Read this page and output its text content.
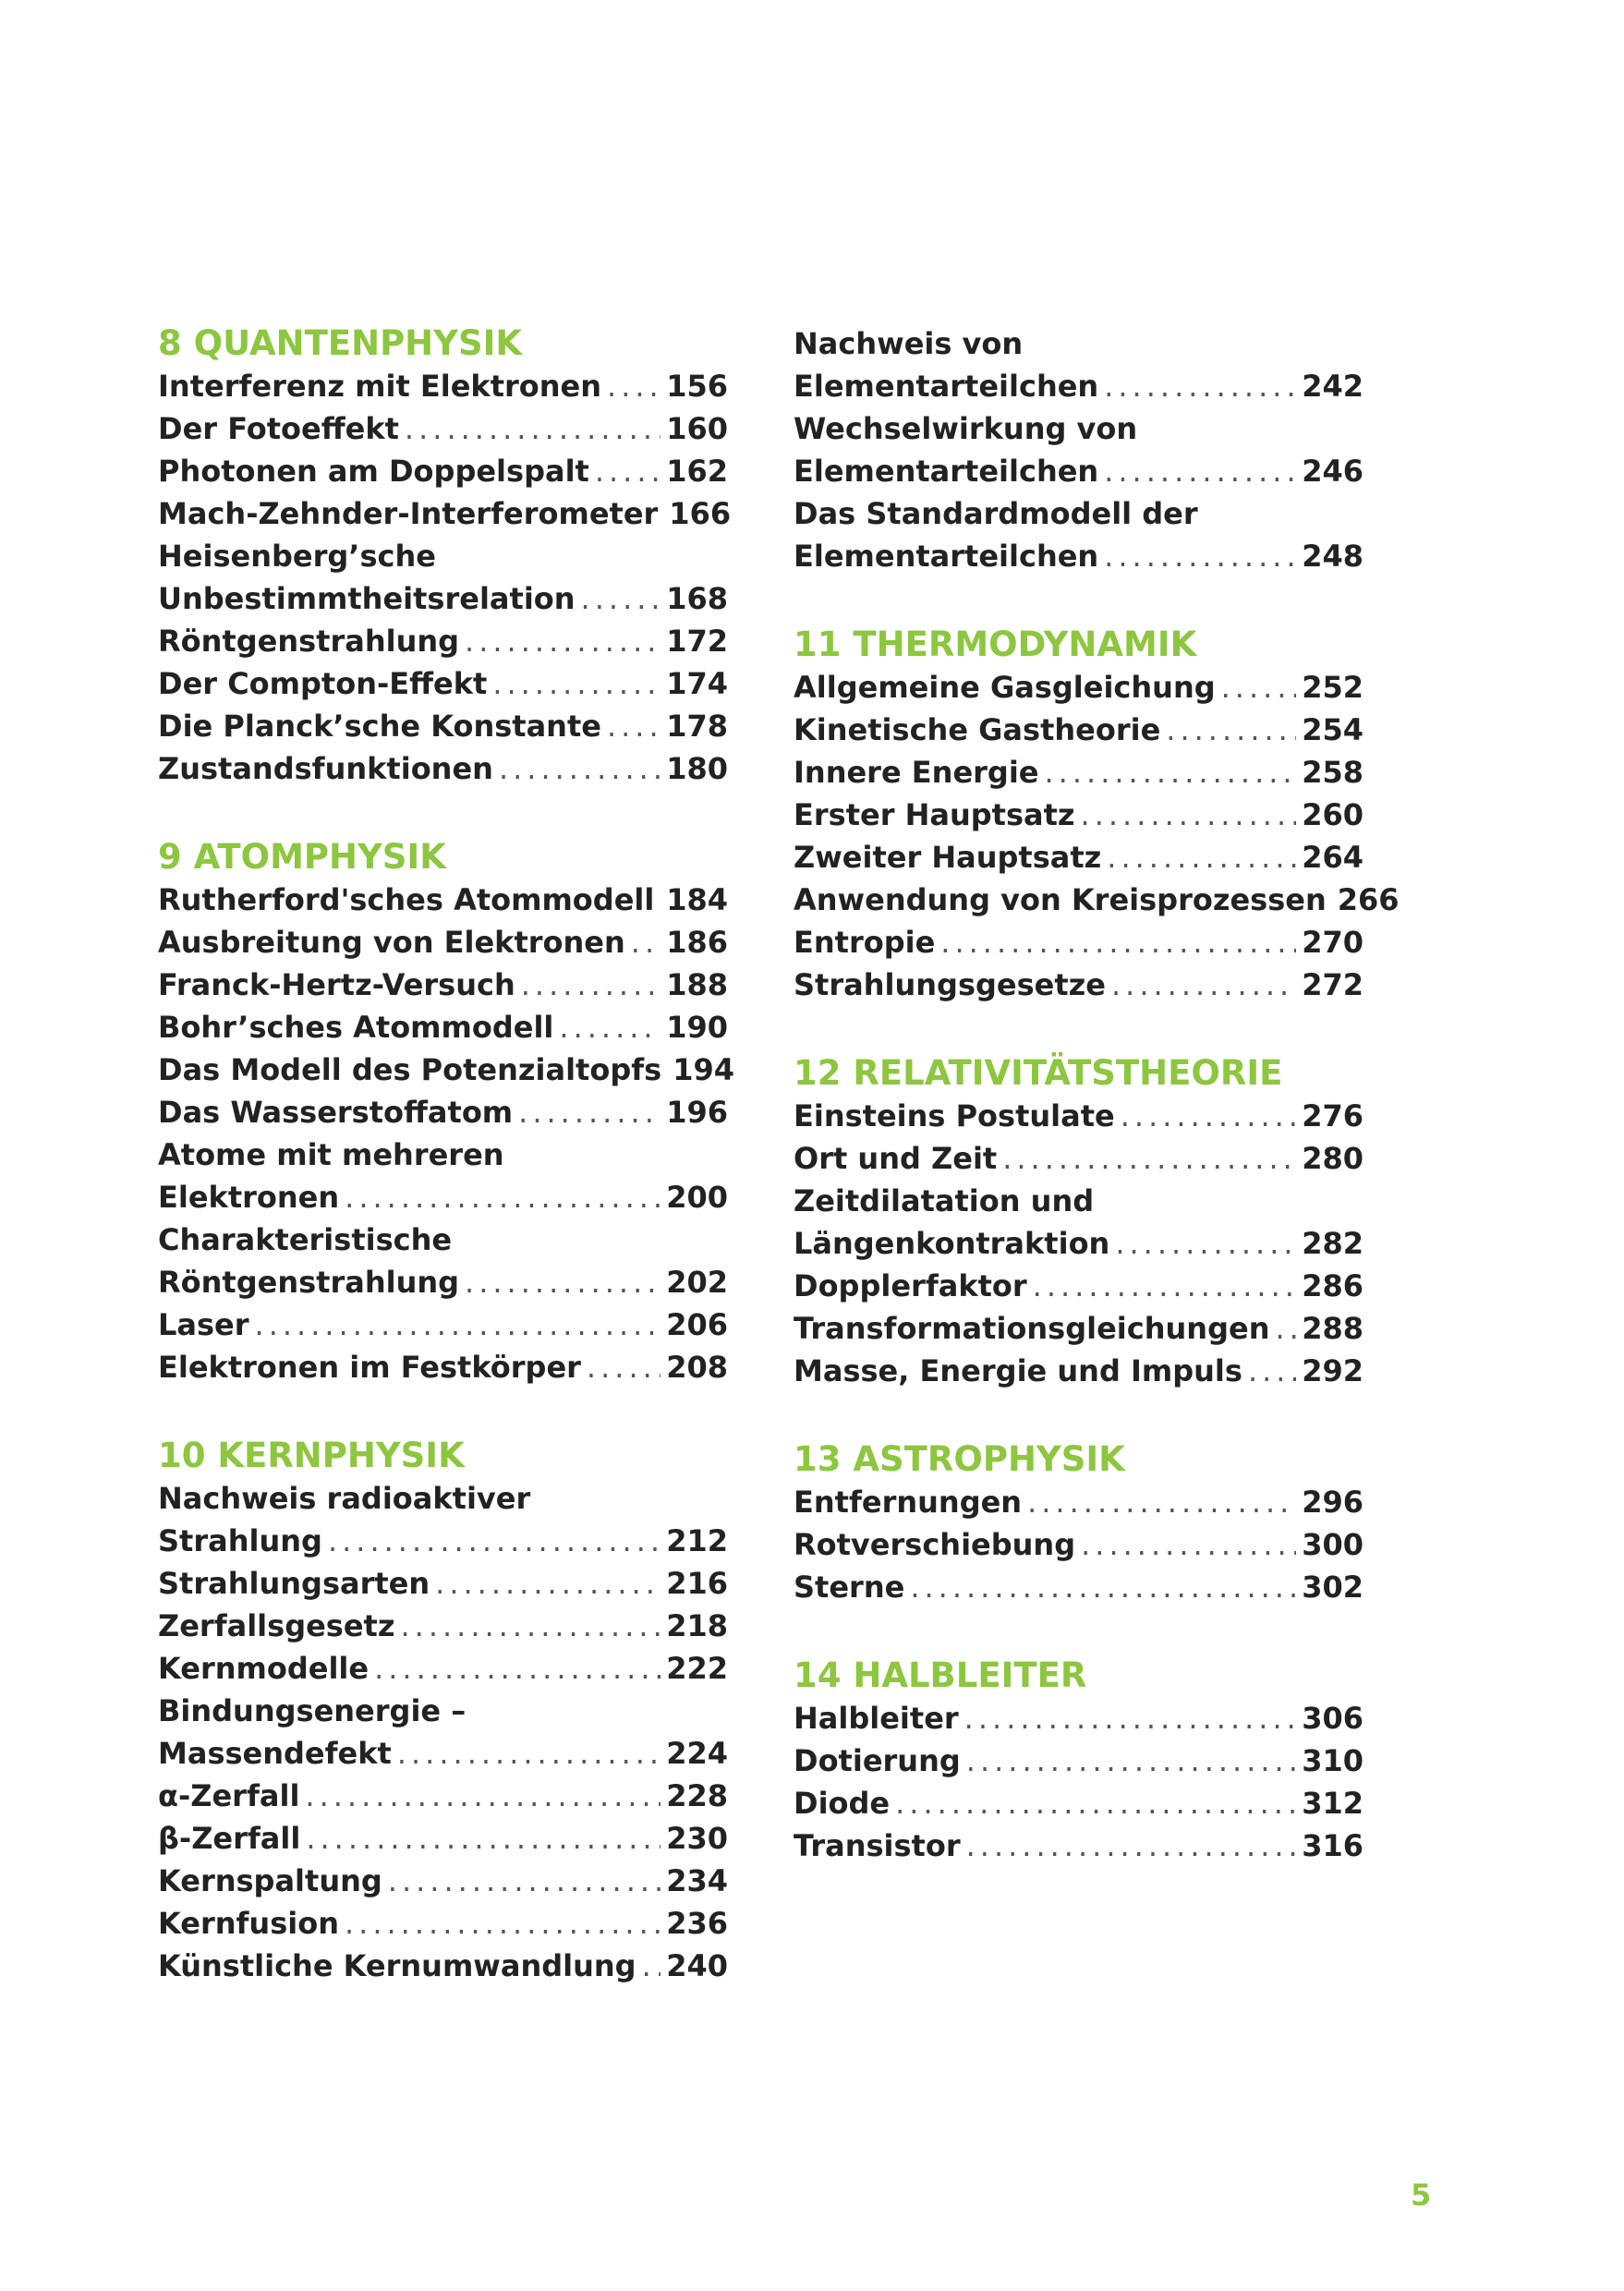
8 QUANTENPHYSIK
Interferenz mit Elektronen ..... 156
Der Fotoeffekt .....	160
Photonen am Doppelspalt .....	162
Mach-Zehnder-Interferometer 166
Heisenberg’sche
Unbestimmtheitsrelation .....	168
Röntgenstrahlung .....	172
Der Compton-Effekt .....	174
Die Planck’sche Konstante ..... 178
Zustandsfunktionen .....	180
9 ATOMPHYSIK
Rutherford'sches Atommodell ..... 184
Ausbreitung von Elektronen ..... 186
Franck-Hertz-Versuch .....	188
Bohr’sches Atommodell .....	190
Das Modell des Potenzialtopfs 194
Das Wasserstoffatom .....	196
Atome mit mehreren
Elektronen .....	200
Charakteristische
Röntgenstrahlung .....	202
Laser .....	206
Elektronen im Festkörper .....	208
10 KERNPHYSIK
Nachweis radioaktiver
Strahlung .....	212
Strahlungsarten .....	216
Zerfallsgesetz .....	218
Kernmodelle .....	222
Bindungsenergie –
Massendefekt .....	224
α-Zerfall .....	228
β-Zerfall .....	230
Kernspaltung .....	234
Kernfusion .....	236
Künstliche Kernumwandlung ..... 240
Nachweis von
Elementarteilchen .....	242
Wechselwirkung von
Elementarteilchen .....	246
Das Standardmodell der
Elementarteilchen .....	248
11 THERMODYNAMIK
Allgemeine Gasgleichung .....	252
Kinetische Gastheorie .....	254
Innere Energie .....	258
Erster Hauptsatz .....	260
Zweiter Hauptsatz .....	264
Anwendung von Kreisprozessen 266
Entropie .....	270
Strahlungsgesetze .....	272
12 RELATIVITÄTSTHEORIE
Einsteins Postulate .....	276
Ort und Zeit .....	280
Zeitdilatation und
Längenkontraktion .....	282
Dopplerfaktor .....	286
Transformationsgleichungen ..... 288
Masse, Energie und Impuls ..... 292
13 ASTROPHYSIK
Entfernungen .....	296
Rotverschiebung .....	300
Sterne .....	302
14 HALBLEITER
Halbleiter .....	306
Dotierung .....	310
Diode .....	312
Transistor .....	316
5
